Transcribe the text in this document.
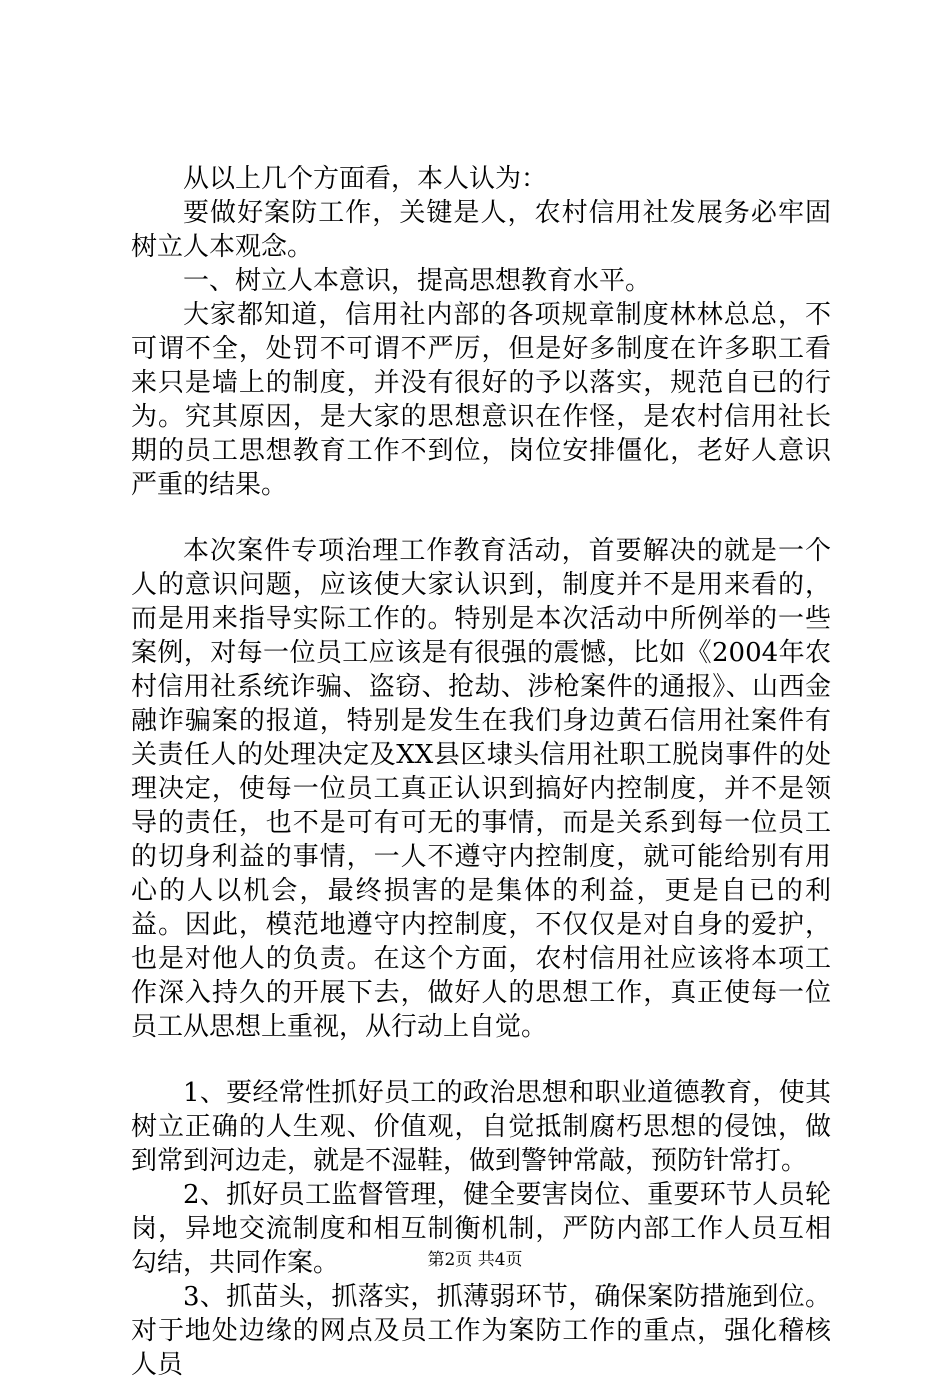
从以上几个方面看，本人认为：

要做好案防工作，关键是人，农村信用社发展务必牢固树立人本观念。

一、树立人本意识，提高思想教育水平。

大家都知道，信用社内部的各项规章制度林林总总，不可谓不全，处罚不可谓不严厉，但是好多制度在许多职工看来只是墙上的制度，并没有很好的予以落实，规范自已的行为。究其原因，是大家的思想意识在作怪，是农村信用社长期的员工思想教育工作不到位，岗位安排僵化，老好人意识严重的结果。

本次案件专项治理工作教育活动，首要解决的就是一个人的意识问题，应该使大家认识到，制度并不是用来看的，而是用来指导实际工作的。特别是本次活动中所例举的一些案例，对每一位员工应该是有很强的震憾，比如《2004年农村信用社系统诈骗、盗窃、抢劫、涉枪案件的通报》、山西金融诈骗案的报道，特别是发生在我们身边黄石信用社案件有关责任人的处理决定及XX县区埭头信用社职工脱岗事件的处理决定，使每一位员工真正认识到搞好内控制度，并不是领导的责任，也不是可有可无的事情，而是关系到每一位员工的切身利益的事情，一人不遵守内控制度，就可能给别有用心的人以机会，最终损害的是集体的利益，更是自已的利益。因此，模范地遵守内控制度，不仅仅是对自身的爱护，也是对他人的负责。在这个方面，农村信用社应该将本项工作深入持久的开展下去，做好人的思想工作，真正使每一位员工从思想上重视，从行动上自觉。

1、要经常性抓好员工的政治思想和职业道德教育，使其树立正确的人生观、价值观，自觉抵制腐朽思想的侵蚀，做到常到河边走，就是不湿鞋，做到警钟常敲，预防针常打。

2、抓好员工监督管理，健全要害岗位、重要环节人员轮岗，异地交流制度和相互制衡机制，严防内部工作人员互相勾结，共同作案。

3、抓苗头，抓落实，抓薄弱环节，确保案防措施到位。对于地处边缘的网点及员工作为案防工作的重点，强化稽核人员

第2页 共4页
